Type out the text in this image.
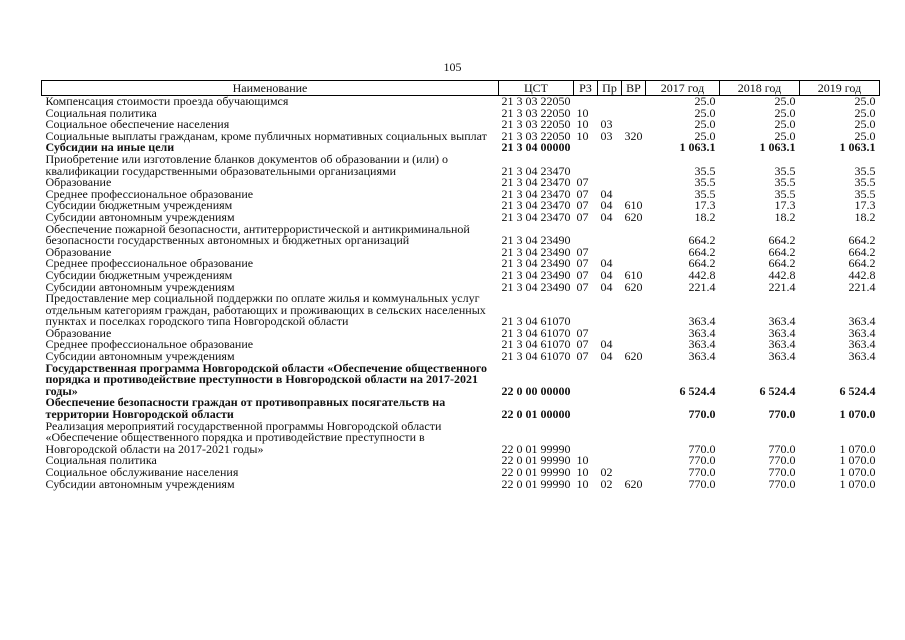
105
Наименование	ЦСТ	РЗ	Пр	ВР	2017 год	2018 год	2019 год
Компенсация стоимости проезда обучающимся	21 3 03 22050				25.0	25.0	25.0
Социальная политика	21 3 03 22050	10			25.0	25.0	25.0
Социальное обеспечение населения	21 3 03 22050	10	03		25.0	25.0	25.0
Социальные выплаты гражданам, кроме публичных нормативных социальных выплат	21 3 03 22050	10	03	320	25.0	25.0	25.0
Субсидии на иные цели	21 3 04 00000				1 063.1	1 063.1	1 063.1
Приобретение или изготовление бланков документов об образовании и (или) о квалификации государственными образовательными организациями	21 3 04 23470				35.5	35.5	35.5
Образование	21 3 04 23470	07			35.5	35.5	35.5
Среднее профессиональное образование	21 3 04 23470	07	04		35.5	35.5	35.5
Субсидии бюджетным учреждениям	21 3 04 23470	07	04	610	17.3	17.3	17.3
Субсидии автономным учреждениям	21 3 04 23470	07	04	620	18.2	18.2	18.2
Обеспечение пожарной безопасности, антитеррористической и антикриминальной безопасности государственных автономных и бюджетных организаций	21 3 04 23490				664.2	664.2	664.2
Образование	21 3 04 23490	07			664.2	664.2	664.2
Среднее профессиональное образование	21 3 04 23490	07	04		664.2	664.2	664.2
Субсидии бюджетным учреждениям	21 3 04 23490	07	04	610	442.8	442.8	442.8
Субсидии автономным учреждениям	21 3 04 23490	07	04	620	221.4	221.4	221.4
Предоставление мер социальной поддержки по оплате жилья и коммунальных услуг отдельным категориям граждан, работающих и проживающих в сельских населенных пунктах и поселках городского типа Новгородской области	21 3 04 61070				363.4	363.4	363.4
Образование	21 3 04 61070	07			363.4	363.4	363.4
Среднее профессиональное образование	21 3 04 61070	07	04		363.4	363.4	363.4
Субсидии автономным учреждениям	21 3 04 61070	07	04	620	363.4	363.4	363.4
Государственная программа Новгородской области «Обеспечение общественного порядка и противодействие преступности в Новгородской области на 2017-2021 годы»	22 0 00 00000				6 524.4	6 524.4	6 524.4
Обеспечение безопасности граждан от противоправных посягательств на территории Новгородской области	22 0 01 00000				770.0	770.0	1 070.0
Реализация мероприятий государственной программы Новгородской области «Обеспечение общественного порядка и противодействие преступности в Новгородской области на 2017-2021 годы»	22 0 01 99990				770.0	770.0	1 070.0
Социальная политика	22 0 01 99990	10			770.0	770.0	1 070.0
Социальное обслуживание населения	22 0 01 99990	10	02		770.0	770.0	1 070.0
Субсидии автономным учреждениям	22 0 01 99990	10	02	620	770.0	770.0	1 070.0
